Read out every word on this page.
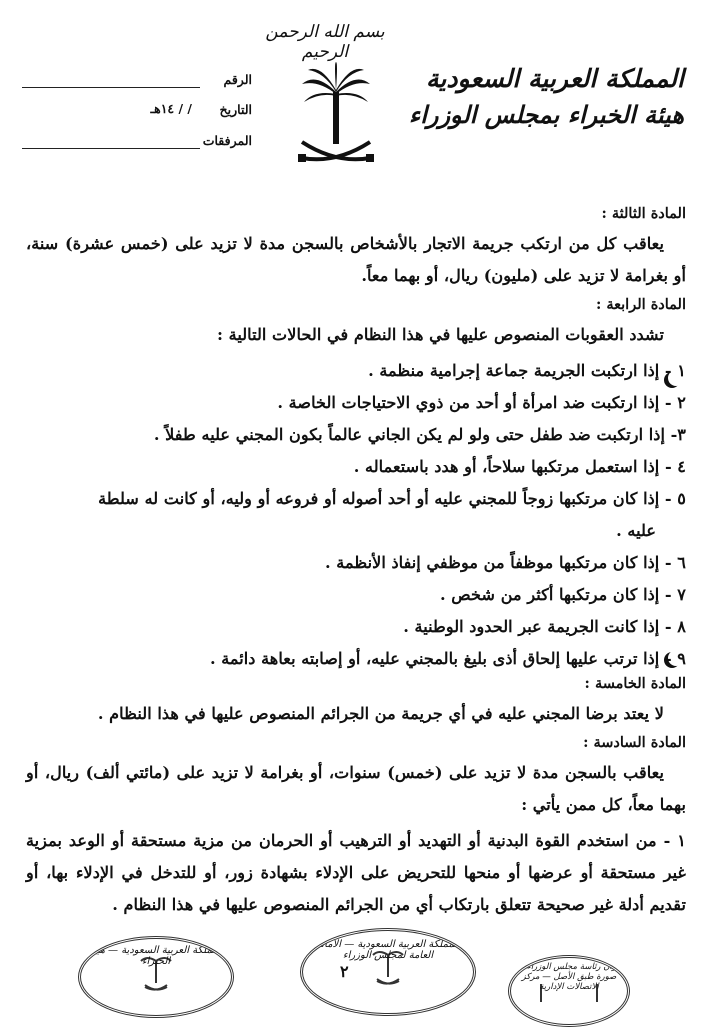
بسم الله الرحمن الرحيم
المملكة العربية السعودية
هيئة الخبراء بمجلس الوزراء
الرقم
التاريخ
/ / ١٤هـ
المرفقات

المادة الثالثة :

يعاقب كل من ارتكب جريمة الاتجار بالأشخاص بالسجن مدة لا تزيد على (خمس عشرة) سنة، أو بغرامة لا تزيد على (مليون) ريال، أو بهما معاً.

المادة الرابعة :

تشدد العقوبات المنصوص عليها في هذا النظام في الحالات التالية :

١ - إذا ارتكبت الجريمة جماعة إجرامية منظمة .

٢ - إذا ارتكبت ضد امرأة أو أحد من ذوي الاحتياجات الخاصة .

٣- إذا ارتكبت ضد طفل حتى ولو لم يكن الجاني عالماً بكون المجني عليه طفلاً .

٤ - إذا استعمل مرتكبها سلاحاً، أو هدد باستعماله .

٥ - إذا كان مرتكبها زوجاً للمجني عليه أو أحد أصوله أو فروعه أو وليه، أو كانت له سلطة

عليه .

٦ - إذا كان مرتكبها موظفاً من موظفي إنفاذ الأنظمة .

٧ - إذا كان مرتكبها أكثر من شخص .

٨ - إذا كانت الجريمة عبر الحدود الوطنية .

٩ - إذا ترتب عليها إلحاق أذى بليغ بالمجني عليه، أو إصابته بعاهة دائمة .

المادة الخامسة :

لا يعتد برضا المجني عليه في أي جريمة من الجرائم المنصوص عليها في هذا النظام .

المادة السادسة :

يعاقب بالسجن مدة لا تزيد على (خمس) سنوات، أو بغرامة لا تزيد على (مائتي ألف) ريال، أو بهما معاً، كل ممن يأتي :

١ - من استخدم القوة البدنية أو التهديد أو الترهيب أو الحرمان من مزية مستحقة أو الوعد بمزية غير مستحقة أو عرضها أو منحها للتحريض على الإدلاء بشهادة زور، أو للتدخل في الإدلاء بها، أو تقديم أدلة غير صحيحة تتعلق بارتكاب أي من الجرائم المنصوص عليها في هذا النظام .

٢
المملكة العربية السعودية — هيئة الخبراء
المملكة العربية السعودية — الأمانة العامة لمجلس الوزراء
ديوان رئاسة مجلس الوزراء — صورة طبق الأصل — مركز الاتصالات الإدارية
